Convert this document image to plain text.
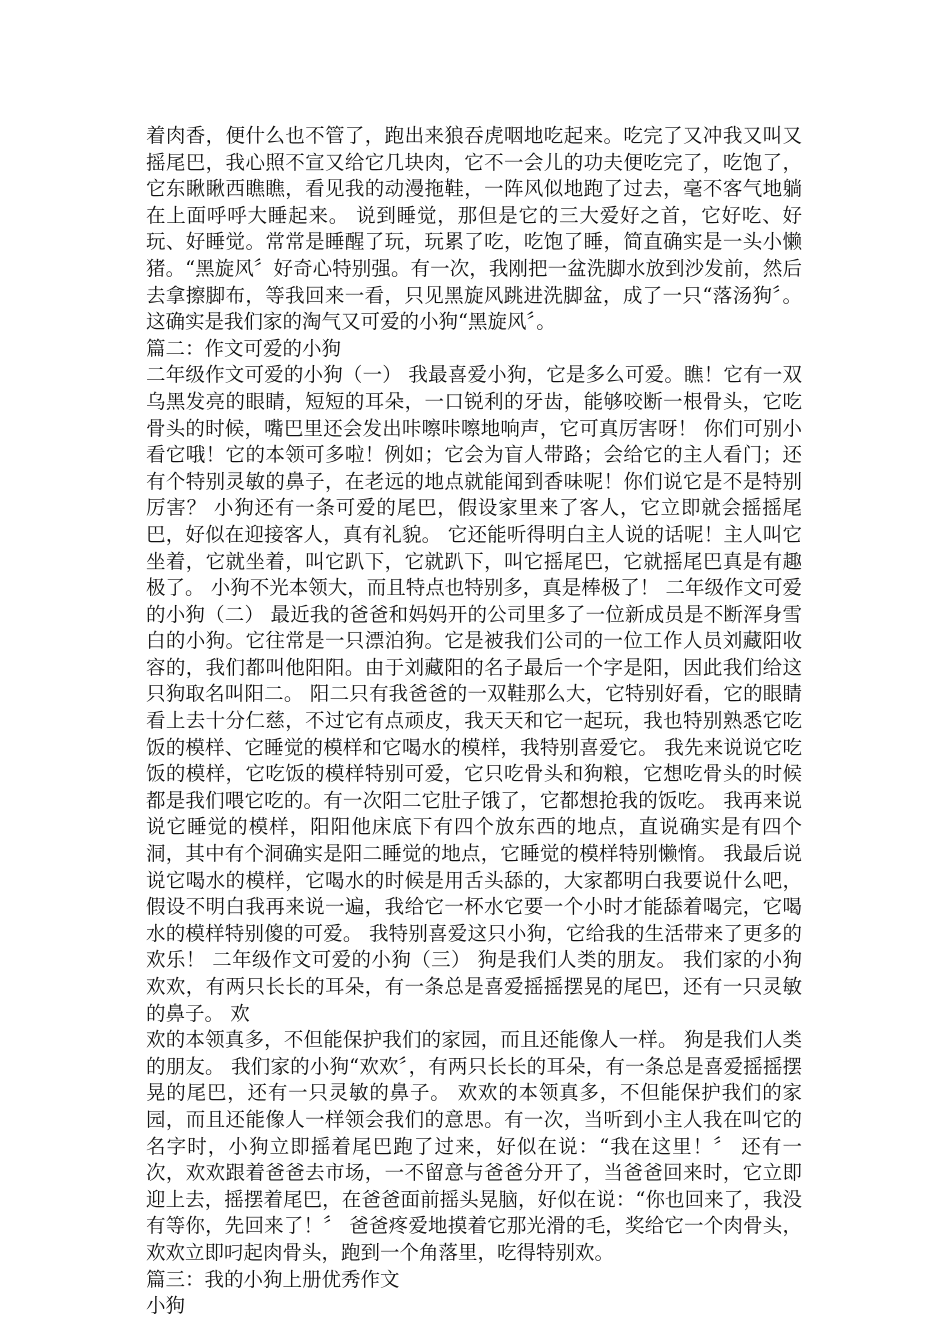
着肉香，便什么也不管了，跑出来狼吞虎咽地吃起来。吃完了又冲我又叫又摇尾巴，我心照不宣又给它几块肉，它不一会儿的功夫便吃完了，吃饱了，它东瞅瞅西瞧瞧，看见我的动漫拖鞋，一阵风似地跑了过去，毫不客气地躺在上面呼呼大睡起来。 说到睡觉，那但是它的三大爱好之首，它好吃、好玩、好睡觉。常常是睡醒了玩，玩累了吃，吃饱了睡，简直确实是一头小懒猪。“黑旋风〞好奇心特别强。有一次，我刚把一盆洗脚水放到沙发前，然后去拿擦脚布，等我回来一看，只见黑旋风跳进洗脚盆，成了一只“落汤狗〞。 这确实是我们家的淘气又可爱的小狗“黑旋风〞。

篇二：作文可爱的小狗

二年级作文可爱的小狗（一） 我最喜爱小狗，它是多么可爱。瞧！它有一双乌黑发亮的眼睛，短短的耳朵，一口锐利的牙齿，能够咬断一根骨头，它吃骨头的时候，嘴巴里还会发出咔嚓咔嚓地响声，它可真厉害呀！ 你们可别小看它哦！它的本领可多啦！例如；它会为盲人带路；会给它的主人看门；还有个特别灵敏的鼻子，在老远的地点就能闻到香味呢！你们说它是不是特别厉害？ 小狗还有一条可爱的尾巴，假设家里来了客人，它立即就会摇摇尾巴，好似在迎接客人，真有礼貌。 它还能听得明白主人说的话呢！主人叫它坐着，它就坐着，叫它趴下，它就趴下，叫它摇尾巴，它就摇尾巴真是有趣极了。 小狗不光本领大，而且特点也特别多，真是棒极了！ 二年级作文可爱的小狗（二） 最近我的爸爸和妈妈开的公司里多了一位新成员是不断浑身雪白的小狗。它往常是一只漂泊狗。它是被我们公司的一位工作人员刘藏阳收容的，我们都叫他阳阳。由于刘藏阳的名子最后一个字是阳，因此我们给这只狗取名叫阳二。 阳二只有我爸爸的一双鞋那么大，它特别好看，它的眼睛看上去十分仁慈，不过它有点顽皮，我天天和它一起玩，我也特别熟悉它吃饭的模样、它睡觉的模样和它喝水的模样，我特别喜爱它。 我先来说说它吃饭的模样，它吃饭的模样特别可爱，它只吃骨头和狗粮，它想吃骨头的时候都是我们喂它吃的。有一次阳二它肚子饿了，它都想抢我的饭吃。 我再来说说它睡觉的模样，阳阳他床底下有四个放东西的地点，直说确实是有四个洞，其中有个洞确实是阳二睡觉的地点，它睡觉的模样特别懒惰。 我最后说说它喝水的模样，它喝水的时候是用舌头舔的，大家都明白我要说什么吧，假设不明白我再来说一遍，我给它一杯水它要一个小时才能舔着喝完，它喝水的模样特别傻的可爱。 我特别喜爱这只小狗，它给我的生活带来了更多的欢乐！ 二年级作文可爱的小狗（三） 狗是我们人类的朋友。 我们家的小狗欢欢，有两只长长的耳朵，有一条总是喜爱摇摇摆晃的尾巴，还有一只灵敏的鼻子。 欢

欢的本领真多，不但能保护我们的家园，而且还能像人一样。 狗是我们人类的朋友。 我们家的小狗“欢欢〞，有两只长长的耳朵，有一条总是喜爱摇摇摆晃的尾巴，还有一只灵敏的鼻子。 欢欢的本领真多，不但能保护我们的家园，而且还能像人一样领会我们的意思。有一次，当听到小主人我在叫它的名字时，小狗立即摇着尾巴跑了过来，好似在说：“我在这里！〞 还有一次，欢欢跟着爸爸去市场，一不留意与爸爸分开了，当爸爸回来时，它立即迎上去，摇摆着尾巴，在爸爸面前摇头晃脑，好似在说：“你也回来了，我没有等你，先回来了！〞 爸爸疼爱地摸着它那光滑的毛，奖给它一个肉骨头，欢欢立即叼起肉骨头，跑到一个角落里，吃得特别欢。

篇三：我的小狗上册优秀作文

小狗
